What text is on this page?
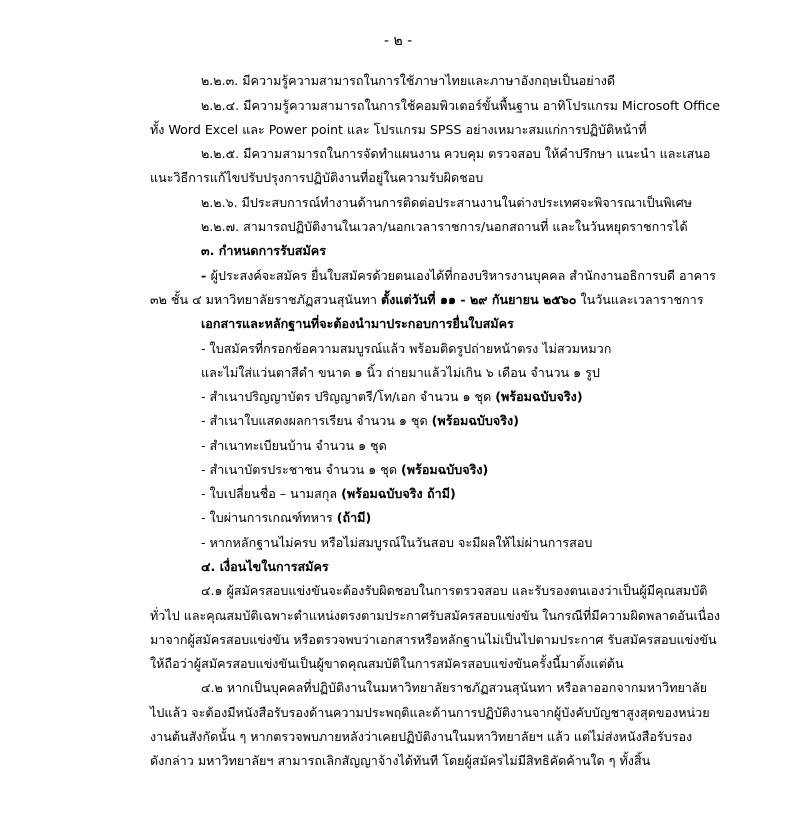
- ๒ -
๒.๒.๓. มีความรู้ความสามารถในการใช้ภาษาไทยและภาษาอังกฤษเป็นอย่างดี
๒.๒.๔. มีความรู้ความสามารถในการใช้คอมพิวเตอร์ขั้นพื้นฐาน อาทิโปรแกรม Microsoft Office
ทั้ง Word Excel และ Power point และ โปรแกรม SPSS อย่างเหมาะสมแก่การปฏิบัติหน้าที่
๒.๒.๕. มีความสามารถในการจัดทำแผนงาน ควบคุม ตรวจสอบ ให้คำปรึกษา แนะนำ และเสนอ
แนะวิธีการแก้ไขปรับปรุงการปฏิบัติงานที่อยู่ในความรับผิดชอบ
๒.๒.๖. มีประสบการณ์ทำงานด้านการติดต่อประสานงานในต่างประเทศจะพิจารณาเป็นพิเศษ
๒.๒.๗. สามารถปฏิบัติงานในเวลา/นอกเวลาราชการ/นอกสถานที่ และในวันหยุดราชการได้
๓. กำหนดการรับสมัคร
- ผู้ประสงค์จะสมัคร ยื่นใบสมัครด้วยตนเองได้ที่กองบริหารงานบุคคล สำนักงานอธิการบดี อาคาร
๓๒ ชั้น ๔ มหาวิทยาลัยราชภัฏสวนสุนันทา ตั้งแต่วันที่ ๑๑ - ๒๙ กันยายน ๒๕๖๐ ในวันและเวลาราชการ
เอกสารและหลักฐานที่จะต้องนำมาประกอบการยื่นใบสมัคร
- ใบสมัครที่กรอกข้อความสมบูรณ์แล้ว พร้อมติดรูปถ่ายหน้าตรง ไม่สวมหมวก
และไม่ใส่แว่นตาสีดำ ขนาด ๑ นิ้ว ถ่ายมาแล้วไม่เกิน ๖ เดือน จำนวน ๑ รูป
- สำเนาปริญญาบัตร ปริญญาตรี/โท/เอก จำนวน ๑ ชุด (พร้อมฉบับจริง)
- สำเนาใบแสดงผลการเรียน จำนวน ๑ ชุด (พร้อมฉบับจริง)
- สำเนาทะเบียนบ้าน จำนวน ๑ ชุด
- สำเนาบัตรประชาชน จำนวน ๑ ชุด (พร้อมฉบับจริง)
- ใบเปลี่ยนชื่อ – นามสกุล (พร้อมฉบับจริง ถ้ามี)
- ใบผ่านการเกณฑ์ทหาร (ถ้ามี)
- หากหลักฐานไม่ครบ หรือไม่สมบูรณ์ในวันสอบ จะมีผลให้ไม่ผ่านการสอบ
๔. เงื่อนไขในการสมัคร
๔.๑ ผู้สมัครสอบแข่งขันจะต้องรับผิดชอบในการตรวจสอบ และรับรองตนเองว่าเป็นผู้มีคุณสมบัติ
ทั่วไป และคุณสมบัติเฉพาะตำแหน่งตรงตามประกาศรับสมัครสอบแข่งขัน ในกรณีที่มีความผิดพลาดอันเนื่อง
มาจากผู้สมัครสอบแข่งขัน หรือตรวจพบว่าเอกสารหรือหลักฐานไม่เป็นไปตามประกาศ รับสมัครสอบแข่งขัน
ให้ถือว่าผู้สมัครสอบแข่งขันเป็นผู้ขาดคุณสมบัติในการสมัครสอบแข่งขันครั้งนี้มาตั้งแต่ต้น
๔.๒ หากเป็นบุคคลที่ปฏิบัติงานในมหาวิทยาลัยราชภัฏสวนสุนันทา หรือลาออกจากมหาวิทยาลัย
ไปแล้ว จะต้องมีหนังสือรับรองด้านความประพฤติและด้านการปฏิบัติงานจากผู้บังคับบัญชาสูงสุดของหน่วย
งานต้นสังกัดนั้น ๆ หากตรวจพบภายหลังว่าเคยปฏิบัติงานในมหาวิทยาลัยฯ แล้ว แต่ไม่ส่งหนังสือรับรอง
ดังกล่าว มหาวิทยาลัยฯ สามารถเลิกสัญญาจ้างได้ทันที โดยผู้สมัครไม่มีสิทธิคัดค้านใด ๆ ทั้งสิ้น
